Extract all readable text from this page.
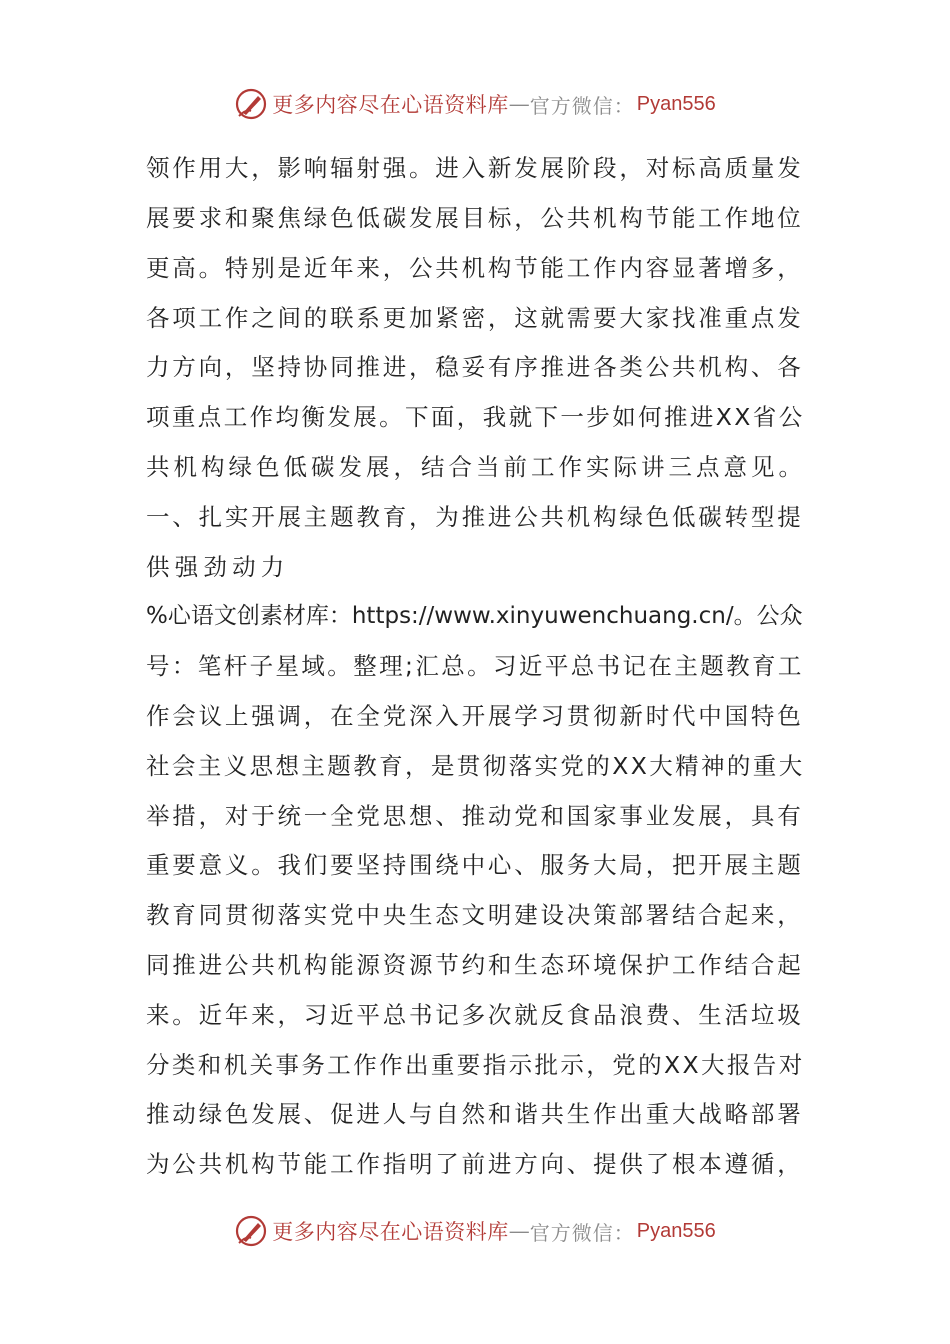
更多内容尽在心语资料库 — 官方微信： Pyan556
领作用大，影响辐射强。进入新发展阶段，对标高质量发
展要求和聚焦绿色低碳发展目标，公共机构节能工作地位
更高。特别是近年来，公共机构节能工作内容显著增多，
各项工作之间的联系更加紧密，这就需要大家找准重点发
力方向，坚持协同推进，稳妥有序推进各类公共机构、各
项重点工作均衡发展。下面，我就下一步如何推进XX省公
共机构绿色低碳发展，结合当前工作实际讲三点意见。
一、扎实开展主题教育，为推进公共机构绿色低碳转型提
供强劲动力
%心语文创素材库：https://www.xinyuwenchuang.cn/。公众
号：笔杆子星域。整理;汇总。习近平总书记在主题教育工
作会议上强调，在全党深入开展学习贯彻新时代中国特色
社会主义思想主题教育，是贯彻落实党的XX大精神的重大
举措，对于统一全党思想、推动党和国家事业发展，具有
重要意义。我们要坚持围绕中心、服务大局，把开展主题
教育同贯彻落实党中央生态文明建设决策部署结合起来，
同推进公共机构能源资源节约和生态环境保护工作结合起
来。近年来，习近平总书记多次就反食品浪费、生活垃圾
分类和机关事务工作作出重要指示批示，党的XX大报告对
推动绿色发展、促进人与自然和谐共生作出重大战略部署
为公共机构节能工作指明了前进方向、提供了根本遵循，
更多内容尽在心语资料库 — 官方微信： Pyan556
